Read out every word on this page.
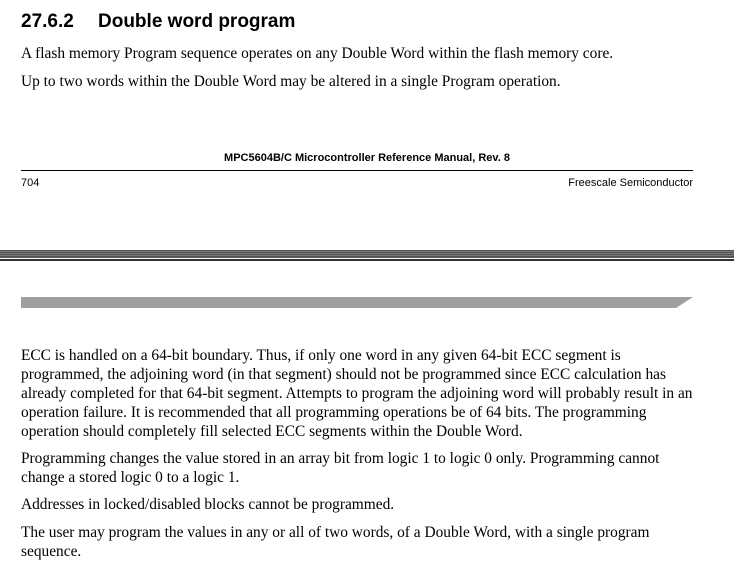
27.6.2 Double word program

A flash memory Program sequence operates on any Double Word within the flash memory core.

Up to two words within the Double Word may be altered in a single Program operation.

MPC5604B/C Microcontroller Reference Manual, Rev. 8
704	Freescale Semiconductor

ECC is handled on a 64-bit boundary. Thus, if only one word in any given 64-bit ECC segment is programmed, the adjoining word (in that segment) should not be programmed since ECC calculation has already completed for that 64-bit segment. Attempts to program the adjoining word will probably result in an operation failure. It is recommended that all programming operations be of 64 bits. The programming operation should completely fill selected ECC segments within the Double Word.

Programming changes the value stored in an array bit from logic 1 to logic 0 only. Programming cannot change a stored logic 0 to a logic 1.

Addresses in locked/disabled blocks cannot be programmed.

The user may program the values in any or all of two words, of a Double Word, with a single program sequence.
